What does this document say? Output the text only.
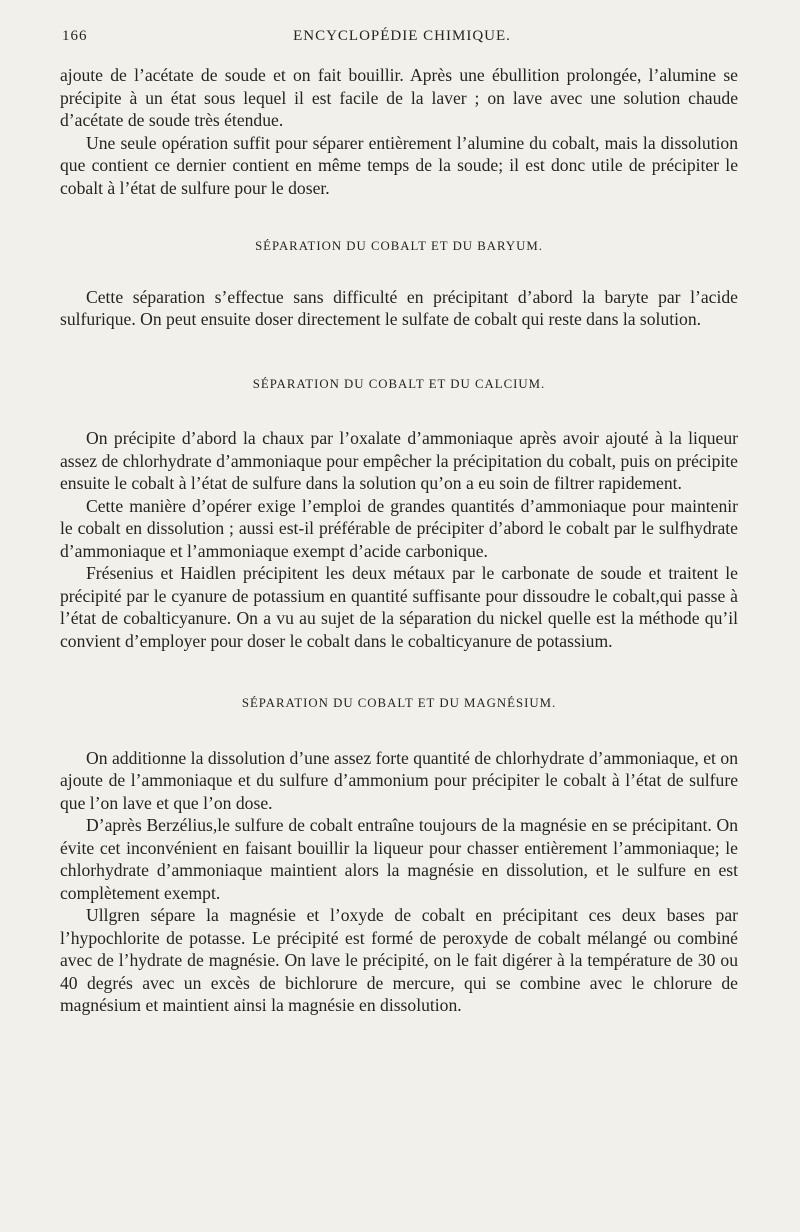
166	ENCYCLOPÉDIE CHIMIQUE.

ajoute de l’acétate de soude et on fait bouillir. Après une ébullition prolongée, l’alumine se précipite à un état sous lequel il est facile de la laver ; on lave avec une solution chaude d’acétate de soude très étendue.

Une seule opération suffit pour séparer entièrement l’alumine du cobalt, mais la dissolution que contient ce dernier contient en même temps de la soude; il est donc utile de précipiter le cobalt à l’état de sulfure pour le doser.

SÉPARATION DU COBALT ET DU BARYUM.

Cette séparation s’effectue sans difficulté en précipitant d’abord la baryte par l’acide sulfurique. On peut ensuite doser directement le sulfate de cobalt qui reste dans la solution.

SÉPARATION DU COBALT ET DU CALCIUM.

On précipite d’abord la chaux par l’oxalate d’ammoniaque après avoir ajouté à la liqueur assez de chlorhydrate d’ammoniaque pour empêcher la précipitation du cobalt, puis on précipite ensuite le cobalt à l’état de sulfure dans la solution qu’on a eu soin de filtrer rapidement.

Cette manière d’opérer exige l’emploi de grandes quantités d’ammoniaque pour maintenir le cobalt en dissolution ; aussi est-il préférable de précipiter d’abord le cobalt par le sulfhydrate d’ammoniaque et l’ammoniaque exempt d’acide carbonique.

Frésenius et Haidlen précipitent les deux métaux par le carbonate de soude et traitent le précipité par le cyanure de potassium en quantité suffisante pour dissoudre le cobalt,qui passe à l’état de cobalticyanure. On a vu au sujet de la séparation du nickel quelle est la méthode qu’il convient d’employer pour doser le cobalt dans le cobalticyanure de potassium.

SÉPARATION DU COBALT ET DU MAGNÉSIUM.

On additionne la dissolution d’une assez forte quantité de chlorhydrate d’ammoniaque, et on ajoute de l’ammoniaque et du sulfure d’ammonium pour précipiter le cobalt à l’état de sulfure que l’on lave et que l’on dose.

D’après Berzélius,le sulfure de cobalt entraîne toujours de la magnésie en se précipitant. On évite cet inconvénient en faisant bouillir la liqueur pour chasser entièrement l’ammoniaque; le chlorhydrate d’ammoniaque maintient alors la magnésie en dissolution, et le sulfure en est complètement exempt.

Ullgren sépare la magnésie et l’oxyde de cobalt en précipitant ces deux bases par l’hypochlorite de potasse. Le précipité est formé de peroxyde de cobalt mélangé ou combiné avec de l’hydrate de magnésie. On lave le précipité, on le fait digérer à la température de 30 ou 40 degrés avec un excès de bichlorure de mercure, qui se combine avec le chlorure de magnésium et maintient ainsi la magnésie en dissolution.
